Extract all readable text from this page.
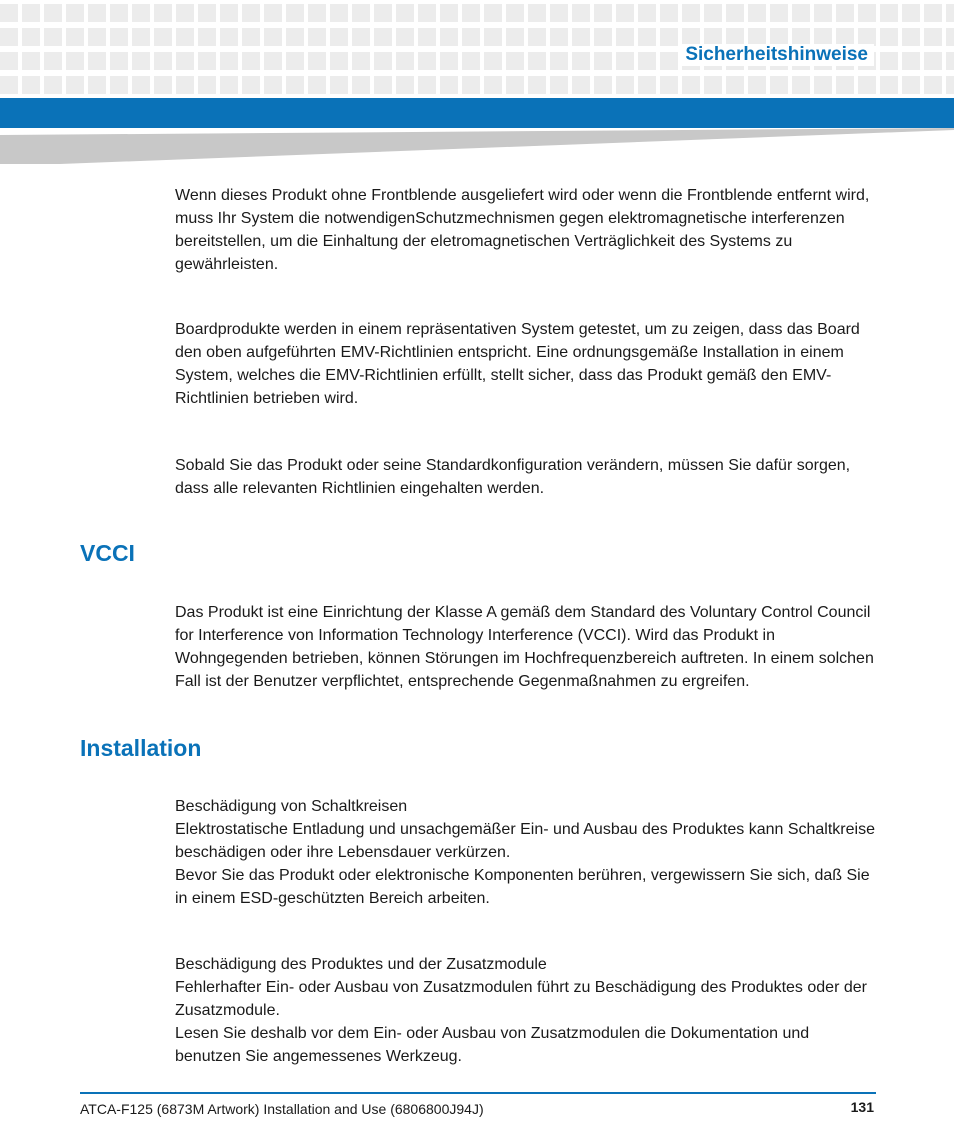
Sicherheitshinweise

Wenn dieses Produkt ohne Frontblende ausgeliefert wird oder wenn die Frontblende entfernt wird, muss Ihr System die notwendigenSchutzmechnismen gegen elektromagnetische interferenzen bereitstellen, um die Einhaltung der eletromagnetischen Verträglichkeit des Systems zu gewährleisten.

Boardprodukte werden in einem repräsentativen System getestet, um zu zeigen, dass das Board den oben aufgeführten EMV-Richtlinien entspricht. Eine ordnungsgemäße Installation in einem System, welches die EMV-Richtlinien erfüllt, stellt sicher, dass das Produkt gemäß den EMV-Richtlinien betrieben wird.

Sobald Sie das Produkt oder seine Standardkonfiguration verändern, müssen Sie dafür sorgen, dass alle relevanten Richtlinien eingehalten werden.

VCCI

Das Produkt ist eine Einrichtung der Klasse A gemäß dem Standard des Voluntary Control Council for Interference von Information Technology Interference (VCCI). Wird das Produkt in Wohngegenden betrieben, können Störungen im Hochfrequenzbereich auftreten. In einem solchen Fall ist der Benutzer verpflichtet, entsprechende Gegenmaßnahmen zu ergreifen.

Installation
Beschädigung von Schaltkreisen
Elektrostatische Entladung und unsachgemäßer Ein- und Ausbau des Produktes kann Schaltkreise beschädigen oder ihre Lebensdauer verkürzen.
Bevor Sie das Produkt oder elektronische Komponenten berühren, vergewissern Sie sich, daß Sie in einem ESD-geschützten Bereich arbeiten.
Beschädigung des Produktes und der Zusatzmodule
Fehlerhafter Ein- oder Ausbau von Zusatzmodulen führt zu Beschädigung des Produktes oder der Zusatzmodule.
Lesen Sie deshalb vor dem Ein- oder Ausbau von Zusatzmodulen die Dokumentation und benutzen Sie angemessenes Werkzeug.
ATCA-F125 (6873M Artwork) Installation and Use (6806800J94J)	131
